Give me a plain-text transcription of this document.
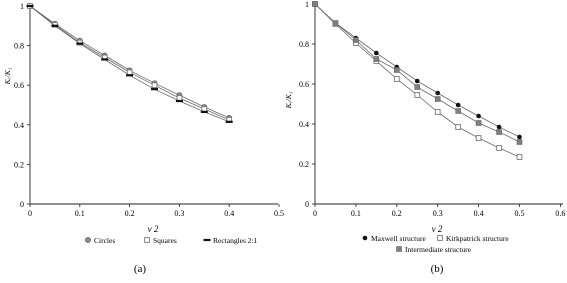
0
0.2
0.4
0.6
0.8
1
0	0.1	0.2	0.3	0.4	0.5
v 2
Kₑ/K₁
Circles	Squares	Rectangles 2:1
(a)
0
0.2
0.4
0.6
0.8
1
0	0.1	0.2	0.3	0.4	0.5	0.6
v 2
Kₑ/K₁
Maxwell structure	Kirkpatrick structure
Intermediate structure
(b)
